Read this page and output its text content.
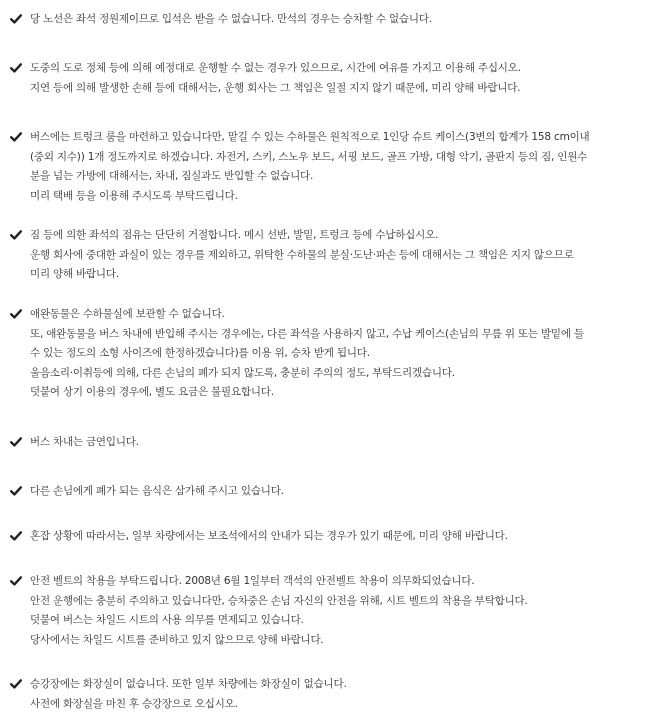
당 노선은 좌석 정원제이므로 입석은 받을 수 없습니다. 만석의 경우는 승차할 수 없습니다.
도중의 도로 정체 등에 의해 예정대로 운행할 수 없는 경우가 있으므로, 시간에 여유를 가지고 이용해 주십시오.
지연 등에 의해 발생한 손해 등에 대해서는, 운행 회사는 그 책임은 일절 지지 않기 때문에, 미리 양해 바랍니다.
버스에는 트렁크 룸을 마련하고 있습니다만, 맡길 수 있는 수하물은 원칙적으로 1인당 슈트 케이스(3변의 합계가 158 cm이내
(중외 지수)) 1개 정도까지로 하겠습니다. 자전거, 스키, 스노우 보드, 서핑 보드, 골프 가방, 대형 악기, 골판지 등의 짐, 인원수
분을 넘는 가방에 대해서는, 차내, 짐실과도 반입할 수 없습니다.
미리 택배 등을 이용해 주시도록 부탁드립니다.
짐 등에 의한 좌석의 점유는 단단히 거절합니다. 메시 선반, 발밑, 트렁크 등에 수납하십시오.
운행 회사에 중대한 과실이 있는 경우를 제외하고, 위탁한 수하물의 분실·도난·파손 등에 대해서는 그 책임은 지지 않으므로
미리 양해 바랍니다.
애완동물은 수하물실에 보관할 수 없습니다.
또, 애완동물을 버스 차내에 반입해 주시는 경우에는, 다른 좌석을 사용하지 않고, 수납 케이스(손님의 무릎 위 또는 발밑에 들
수 있는 정도의 소형 사이즈에 한정하겠습니다)를 이용 위, 승차 받게 됩니다.
울음소리·이취등에 의해, 다른 손님의 폐가 되지 않도록, 충분히 주의의 정도, 부탁드리겠습니다.
덧붙여 상기 이용의 경우에, 별도 요금은 불필요합니다.
버스 차내는 금연입니다.
다른 손님에게 폐가 되는 음식은 삼가해 주시고 있습니다.
혼잡 상황에 따라서는, 일부 차량에서는 보조석에서의 안내가 되는 경우가 있기 때문에, 미리 양해 바랍니다.
안전 벨트의 착용을 부탁드립니다. 2008년 6월 1일부터 객석의 안전벨트 착용이 의무화되었습니다.
안전 운행에는 충분히 주의하고 있습니다만, 승차중은 손님 자신의 안전을 위해, 시트 벨트의 착용을 부탁합니다.
덧붙여 버스는 차일드 시트의 사용 의무를 면제되고 있습니다.
당사에서는 차일드 시트를 준비하고 있지 않으므로 양해 바랍니다.
승강장에는 화장실이 없습니다. 또한 일부 차량에는 화장실이 없습니다.
사전에 화장실을 마친 후 승강장으로 오십시오.
